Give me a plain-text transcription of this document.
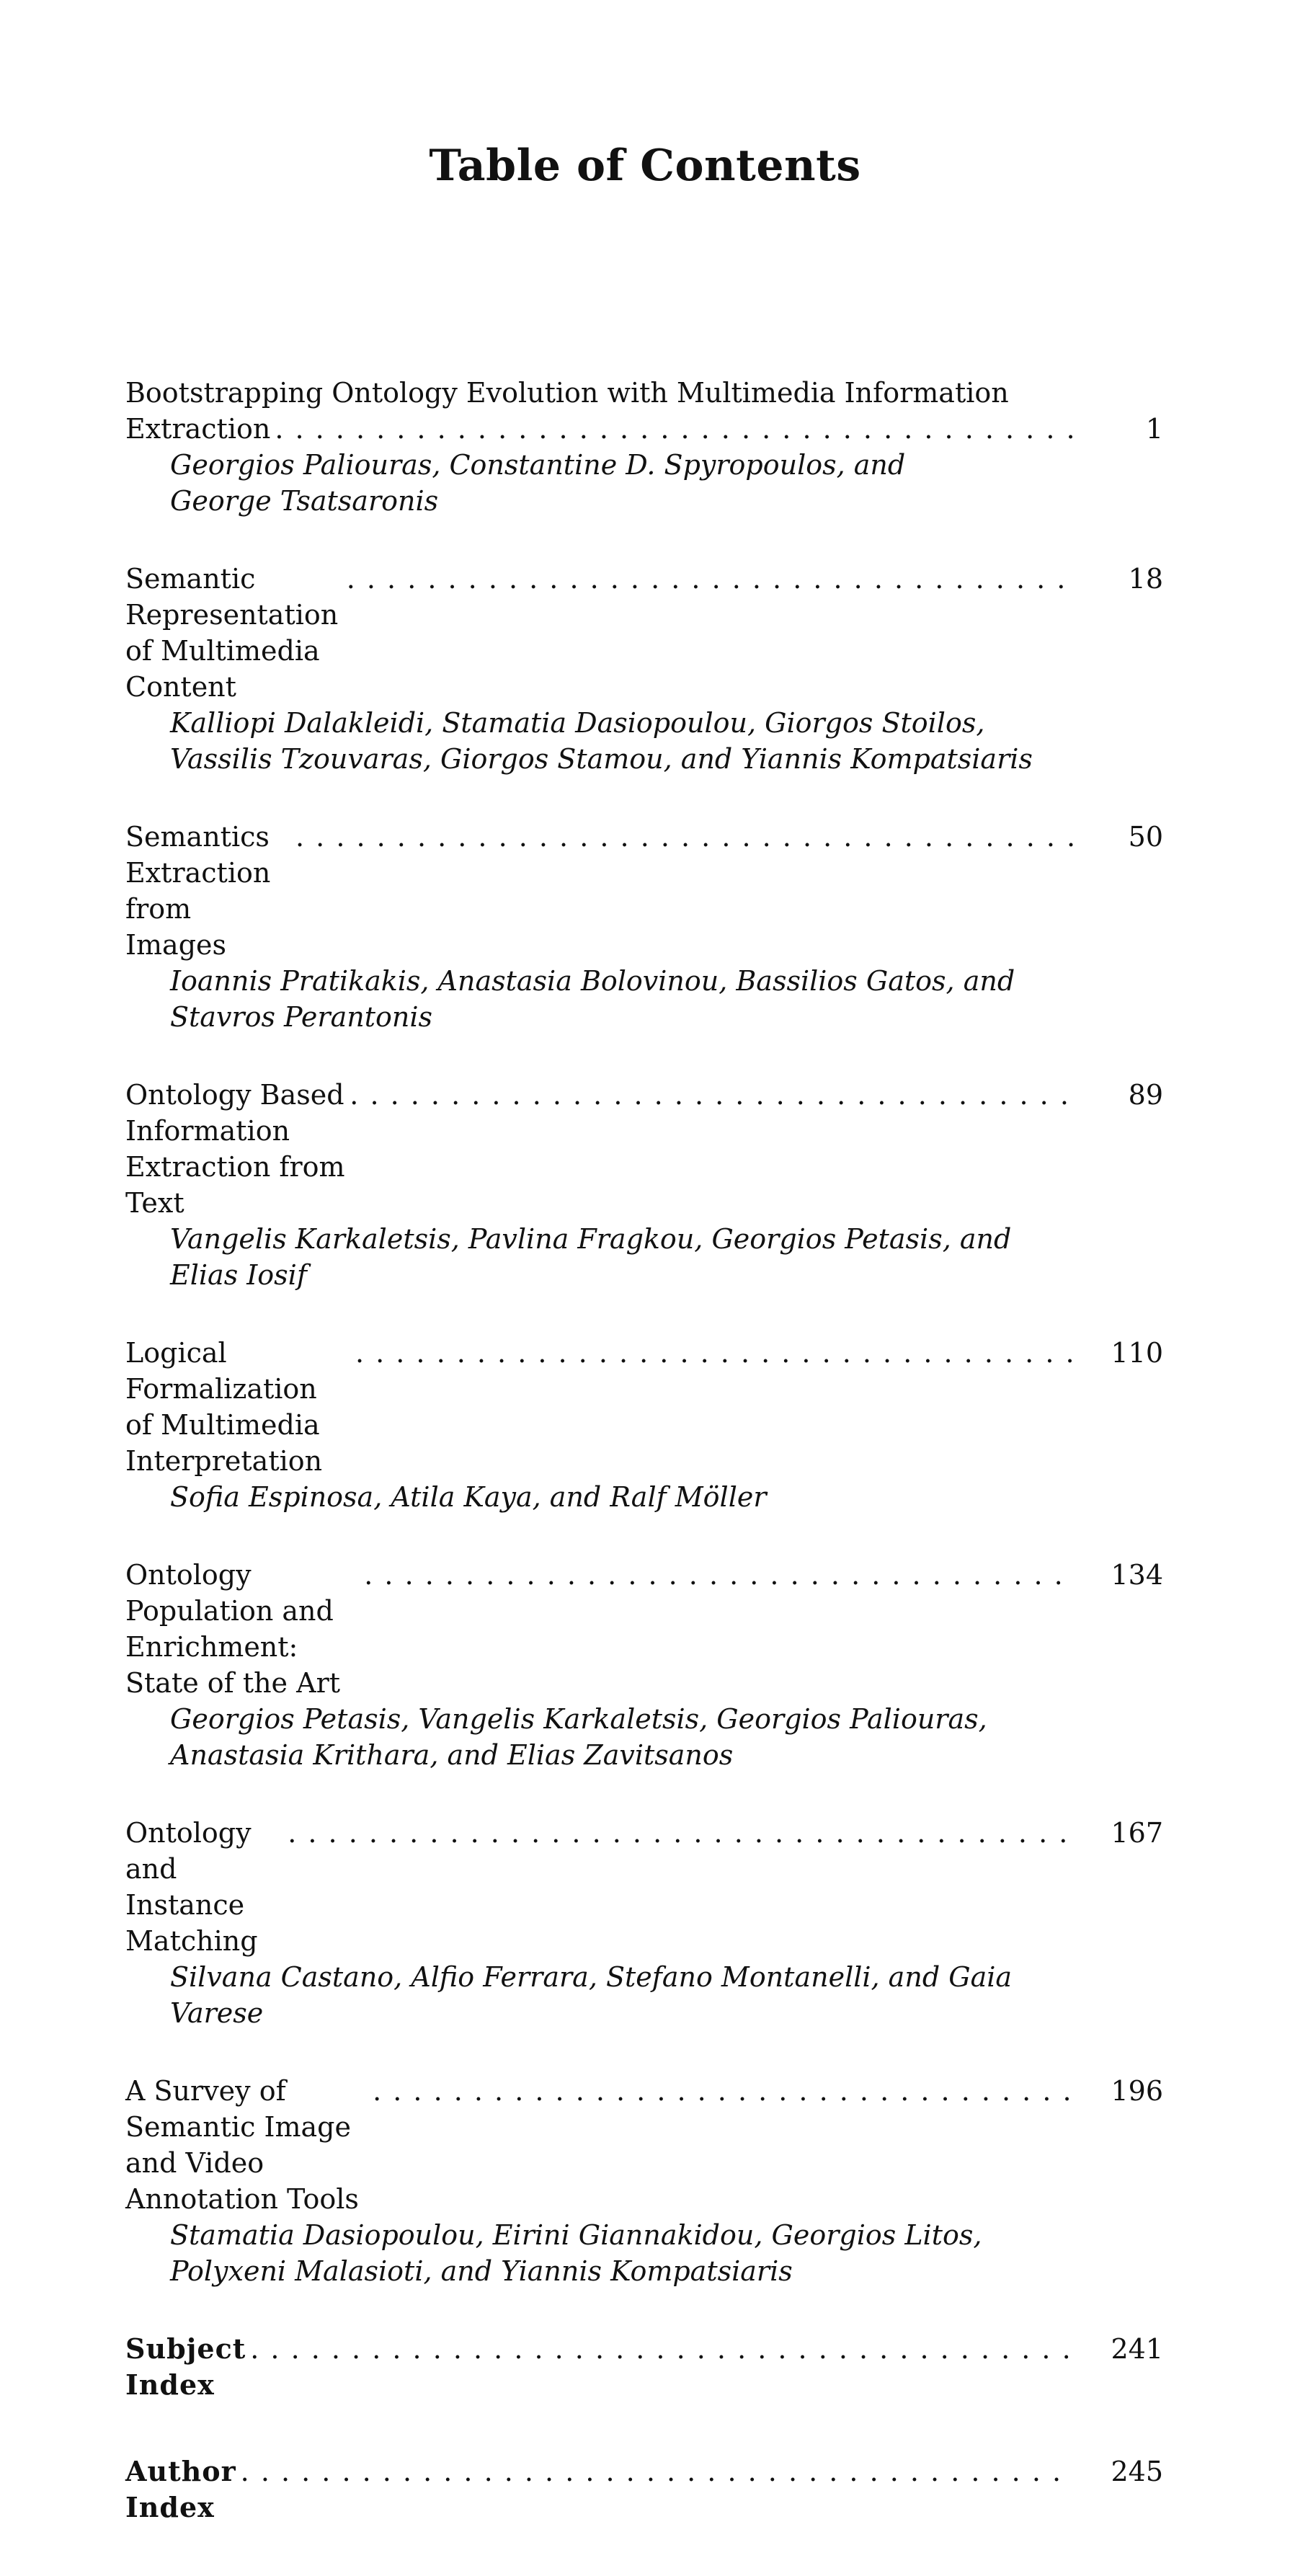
Table of Contents
Bootstrapping Ontology Evolution with Multimedia Information
Extraction
. . .	1
Georgios Paliouras, Constantine D. Spyropoulos, and
George Tsatsaronis
Semantic Representation of Multimedia Content
. . .
18
Kalliopi Dalakleidi, Stamatia Dasiopoulou, Giorgos Stoilos,
Vassilis Tzouvaras, Giorgos Stamou, and Yiannis Kompatsiaris
Semantics Extraction from Images
. . .
50
Ioannis Pratikakis, Anastasia Bolovinou, Bassilios Gatos, and
Stavros Perantonis
Ontology Based Information Extraction from Text
. . .
89
Vangelis Karkaletsis, Pavlina Fragkou, Georgios Petasis, and
Elias Iosif
Logical Formalization of Multimedia Interpretation
. . .
110
Sofia Espinosa, Atila Kaya, and Ralf Möller
Ontology Population and Enrichment: State of the Art
. . .
134
Georgios Petasis, Vangelis Karkaletsis, Georgios Paliouras,
Anastasia Krithara, and Elias Zavitsanos
Ontology and Instance Matching
. . .
167
Silvana Castano, Alfio Ferrara, Stefano Montanelli, and Gaia Varese
A Survey of Semantic Image and Video Annotation Tools
. . .
196
Stamatia Dasiopoulou, Eirini Giannakidou, Georgios Litos,
Polyxeni Malasioti, and Yiannis Kompatsiaris
Subject Index
. . .
241
Author Index
. . .
245
